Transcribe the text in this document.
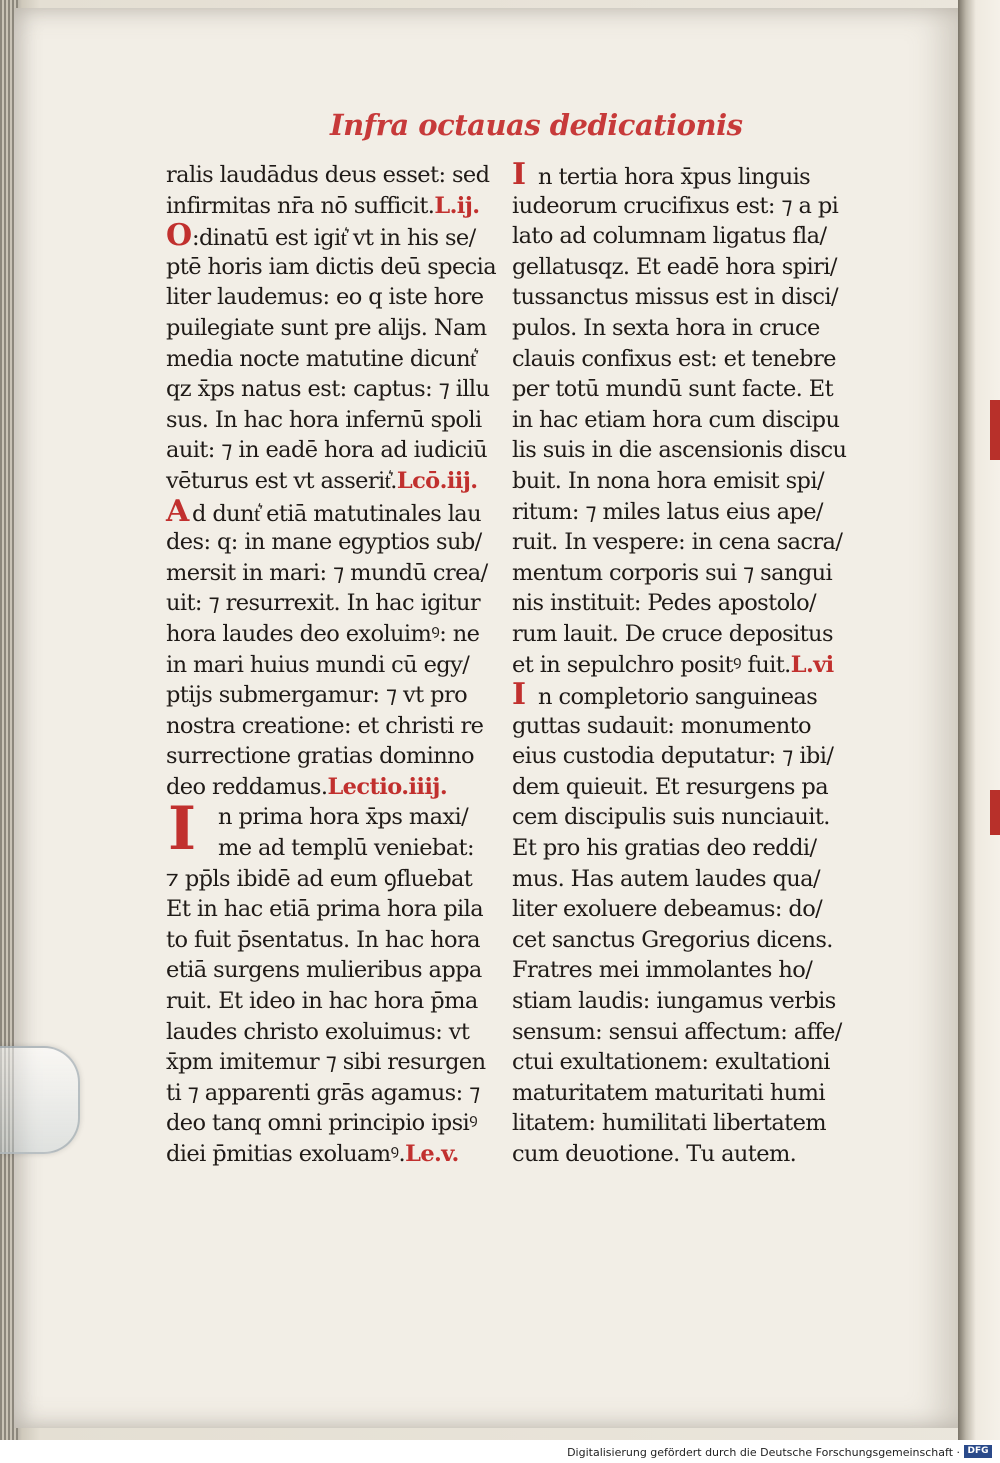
Infra octauas dedicationis
ralis laudādus deus esset: sed
infirmitas nr̄a nō sufficit.L.ij.
O:dinatū est igit͛ vt in his se/
ptē horis iam dictis deū specia
liter laudemus: eo q͏ iste hore
p͏uilegiate sunt pre alijs. Nam
media nocte matutine dicunt͛
qz x̄ps natus est: captus: ⁊ illu
sus. In hac hora infernū spoli
auit: ⁊ in eadē hora ad iudiciū
vēturus est vt asserit͛.Lcō.iij.
A d dunt͛ etiā matutinales lau
des: q: in mane egyptios sub/
mersit in mari: ⁊ mundū crea/
uit: ⁊ resurrexit. In hac igitur
hora laudes deo exoluimꝰ: ne
in mari huius mundi cū egy/
ptijs submergamur: ⁊ vt pro
nostra creatione: et christi re
surrectione gratias dominno
deo reddamus.Lectio.iiij.
I n prima hora x̄ps maxi/
me ad templū veniebat:
⁊ pp̄ls ibidē ad eum ꝯfluebat
Et in hac etiā prima hora pila
to fuit p̄sentatus. In hac hora
etiā surgens mulieribus appa
ruit. Et ideo in hac hora p̄ma
laudes christo exoluimus: vt
x̄pm imitemur ⁊ sibi resurgen
ti ⁊ apparenti grās agamus: ⁊
deo tanq͏ omni principio ipsiꝰ
diei p̄mitias exoluamꝰ.Le.v.
I n tertia hora x̄pus linguis
iudeorum crucifixus est: ⁊ a pi
lato ad columnam ligatus fla/
gellatusq͏z. Et eadē hora spiri/
tussanctus missus est in disci/
pulos. In sexta hora in cruce
clauis confixus est: et tenebre
per totū mundū sunt facte. Et
in hac etiam hora cum discipu
lis suis in die ascensionis discu
buit. In nona hora emisit spi/
ritum: ⁊ miles latus eius ape/
ruit. In vespere: in cena sacra/
mentum corporis sui ⁊ sangui
nis instituit: Pedes apostolo/
rum lauit. De cruce depositus
et in sepulchro positꝰ fuit.L.vi
I n completorio sanguineas
guttas sudauit: monumento
eius custodia deputatur: ⁊ ibi/
dem quieuit. Et resurgens pa
cem discipulis suis nunciauit.
Et pro his gratias deo reddi/
mus. Has autem laudes qua/
liter exoluere debeamus: do/
cet sanctus Gregorius dicens.
Fratres mei immolantes ho/
stiam laudis: iungamus verbis
sensum: sensui affectum: affe/
ctui exultationem: exultationi
maturitatem maturitati humi
litatem: humilitati libertatem
cum deuotione. Tu autem.
Digitalisierung gefördert durch die Deutsche Forschungsgemeinschaft · DFG
